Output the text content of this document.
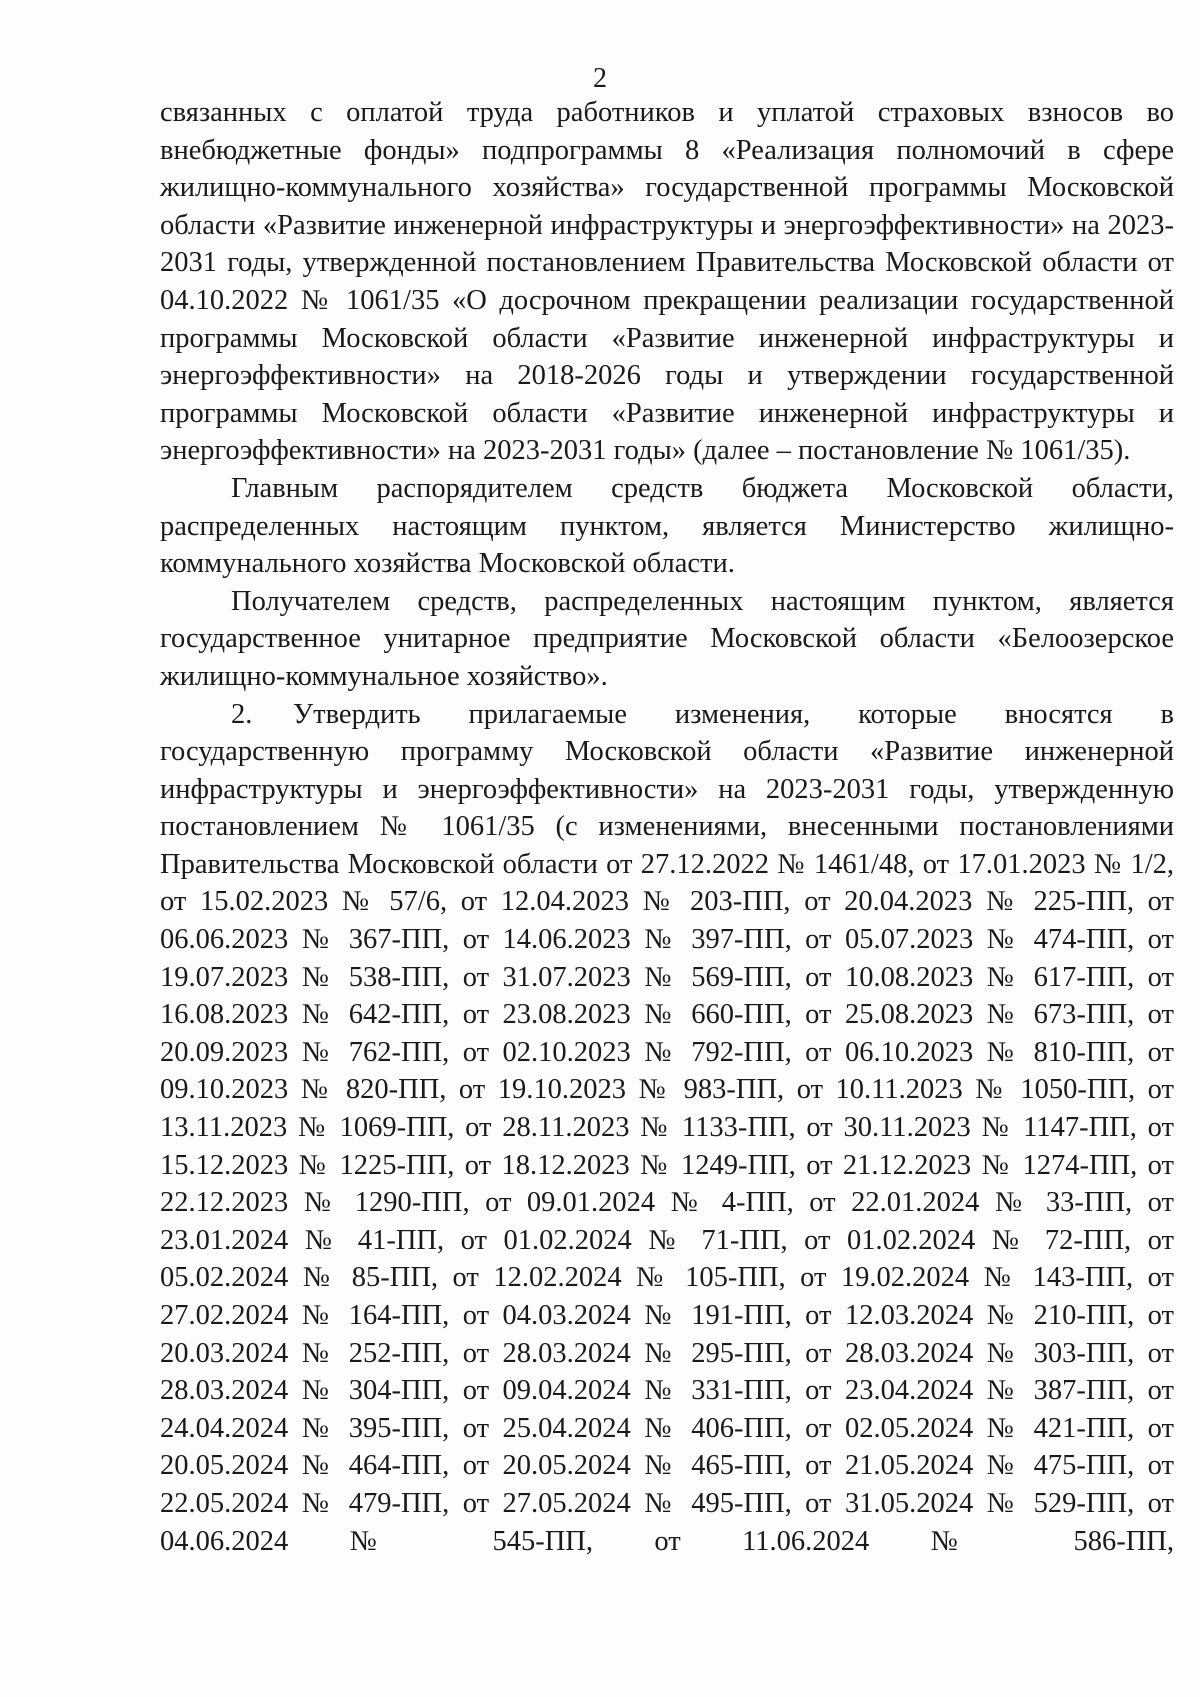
2

связанных с оплатой труда работников и уплатой страховых взносов во внебюджетные фонды» подпрограммы 8 «Реализация полномочий в сфере жилищно-коммунального хозяйства» государственной программы Московской области «Развитие инженерной инфраструктуры и энергоэффективности» на 2023-2031 годы, утвержденной постановлением Правительства Московской области от 04.10.2022 № 1061/35 «О досрочном прекращении реализации государственной программы Московской области «Развитие инженерной инфраструктуры и энергоэффективности» на 2018-2026 годы и утверждении государственной программы Московской области «Развитие инженерной инфраструктуры и энергоэффективности» на 2023-2031 годы» (далее – постановление № 1061/35).

Главным распорядителем средств бюджета Московской области, распределенных настоящим пунктом, является Министерство жилищно-коммунального хозяйства Московской области.

Получателем средств, распределенных настоящим пунктом, является государственное унитарное предприятие Московской области «Белоозерское жилищно-коммунальное хозяйство».

2. Утвердить прилагаемые изменения, которые вносятся в государственную программу Московской области «Развитие инженерной инфраструктуры и энергоэффективности» на 2023-2031 годы, утвержденную постановлением № 1061/35 (с изменениями, внесенными постановлениями Правительства Московской области от 27.12.2022 № 1461/48, от 17.01.2023 № 1/2, от 15.02.2023 № 57/6, от 12.04.2023 № 203-ПП, от 20.04.2023 № 225-ПП, от 06.06.2023 № 367-ПП, от 14.06.2023 № 397-ПП, от 05.07.2023 № 474-ПП, от 19.07.2023 № 538-ПП, от 31.07.2023 № 569-ПП, от 10.08.2023 № 617-ПП, от 16.08.2023 № 642-ПП, от 23.08.2023 № 660-ПП, от 25.08.2023 № 673-ПП, от 20.09.2023 № 762-ПП, от 02.10.2023 № 792-ПП, от 06.10.2023 № 810-ПП, от 09.10.2023 № 820-ПП, от 19.10.2023 № 983-ПП, от 10.11.2023 № 1050-ПП, от 13.11.2023 № 1069-ПП, от 28.11.2023 № 1133-ПП, от 30.11.2023 № 1147-ПП, от 15.12.2023 № 1225-ПП, от 18.12.2023 № 1249-ПП, от 21.12.2023 № 1274-ПП, от 22.12.2023 № 1290-ПП, от 09.01.2024 № 4-ПП, от 22.01.2024 № 33-ПП, от 23.01.2024 № 41-ПП, от 01.02.2024 № 71-ПП, от 01.02.2024 № 72-ПП, от 05.02.2024 № 85-ПП, от 12.02.2024 № 105-ПП, от 19.02.2024 № 143-ПП, от 27.02.2024 № 164-ПП, от 04.03.2024 № 191-ПП, от 12.03.2024 № 210-ПП, от 20.03.2024 № 252-ПП, от 28.03.2024 № 295-ПП, от 28.03.2024 № 303-ПП, от 28.03.2024 № 304-ПП, от 09.04.2024 № 331-ПП, от 23.04.2024 № 387-ПП, от 24.04.2024 № 395-ПП, от 25.04.2024 № 406-ПП, от 02.05.2024 № 421-ПП, от 20.05.2024 № 464-ПП, от 20.05.2024 № 465-ПП, от 21.05.2024 № 475-ПП, от 22.05.2024 № 479-ПП, от 27.05.2024 № 495-ПП, от 31.05.2024 № 529-ПП, от 04.06.2024 № 545-ПП, от 11.06.2024 № 586-ПП,
